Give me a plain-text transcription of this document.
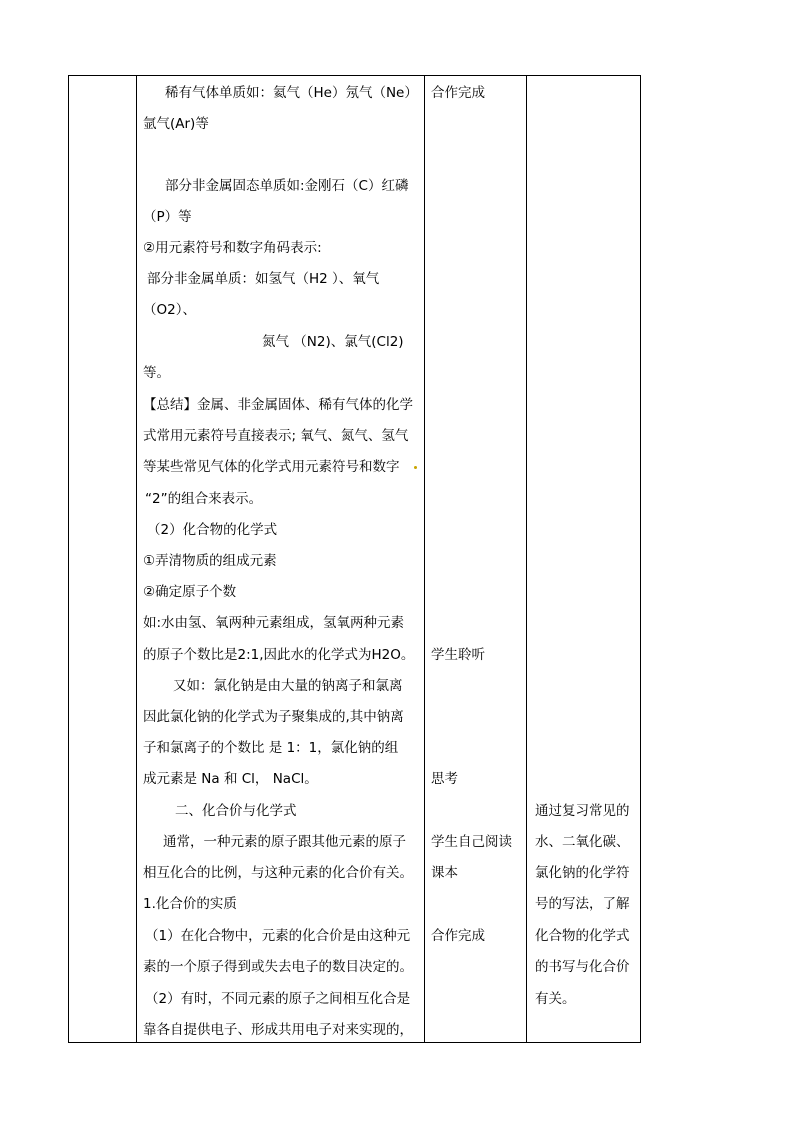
稀有气体单质如：氦气（He）氖气（Ne）
氩气(Ar)等
部分非金属固态单质如:金刚石（C）红磷
（P）等
②用元素符号和数字角码表示:
部分非金属单质：如氢气（H2 ）、氧气
（O2）、
氮气 （N2)、氯气(Cl2)
等。
【总结】金属、非金属固体、稀有气体的化学
式常用元素符号直接表示; 氧气、氮气、氢气
等某些常见气体的化学式用元素符号和数字
“2”的组合来表示。
（2）化合物的化学式
①弄清物质的组成元素
②确定原子个数
如:水由氢、氧两种元素组成，氢氧两种元素
的原子个数比是2:1,因此水的化学式为H2O。
又如：氯化钠是由大量的钠离子和氯离
因此氯化钠的化学式为子聚集成的,其中钠离
子和氯离子的个数比 是 1：1，氯化钠的组
成元素是 Na 和 Cl， NaCl。
二、化合价与化学式
通常，一种元素的原子跟其他元素的原子
相互化合的比例，与这种元素的化合价有关。
1.化合价的实质
（1）在化合物中，元素的化合价是由这种元
素的一个原子得到或失去电子的数目决定的。
（2）有时，不同元素的原子之间相互化合是
靠各自提供电子、形成共用电子对来实现的，
合作完成
学生聆听
思考
学生自己阅读
课本
合作完成
通过复习常见的
水、二氧化碳、
氯化钠的化学符
号的写法，了解
化合物的化学式
的书写与化合价
有关。
